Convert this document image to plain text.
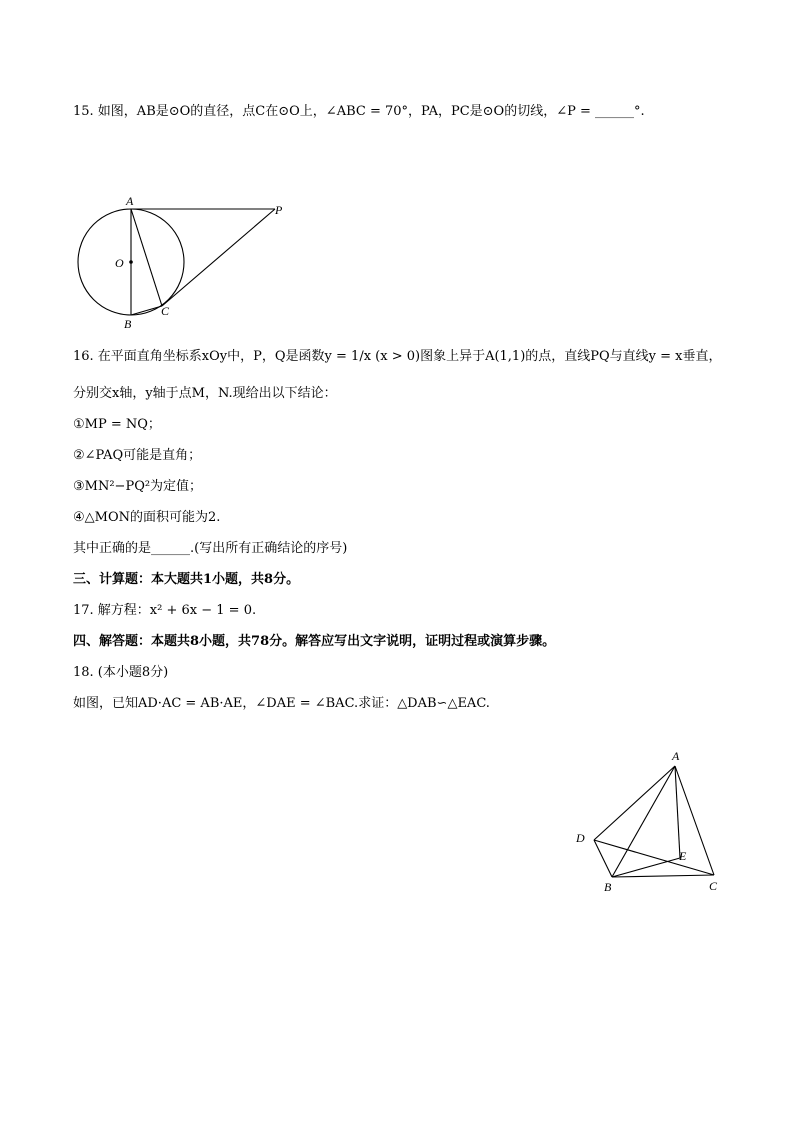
15. 如图，AB是⊙O的直径，点C在⊙O上，∠ABC = 70°，PA，PC是⊙O的切线，∠P = ______°.
A
P
O
C
B
16. 在平面直角坐标系xOy中，P，Q是函数y = 1/x (x > 0)图象上异于A(1,1)的点，直线PQ与直线y = x垂直，
分别交x轴，y轴于点M，N.现给出以下结论：
①MP = NQ；
②∠PAQ可能是直角；
③MN²−PQ²为定值；
④△MON的面积可能为2.
其中正确的是______.(写出所有正确结论的序号)
三、计算题：本大题共1小题，共8分。
17. 解方程：x² + 6x − 1 = 0.
四、解答题：本题共8小题，共78分。解答应写出文字说明，证明过程或演算步骤。
18. (本小题8分)
如图，已知AD·AC = AB·AE，∠DAE = ∠BAC.求证：△DAB∽△EAC.
A
D
E
B	C
